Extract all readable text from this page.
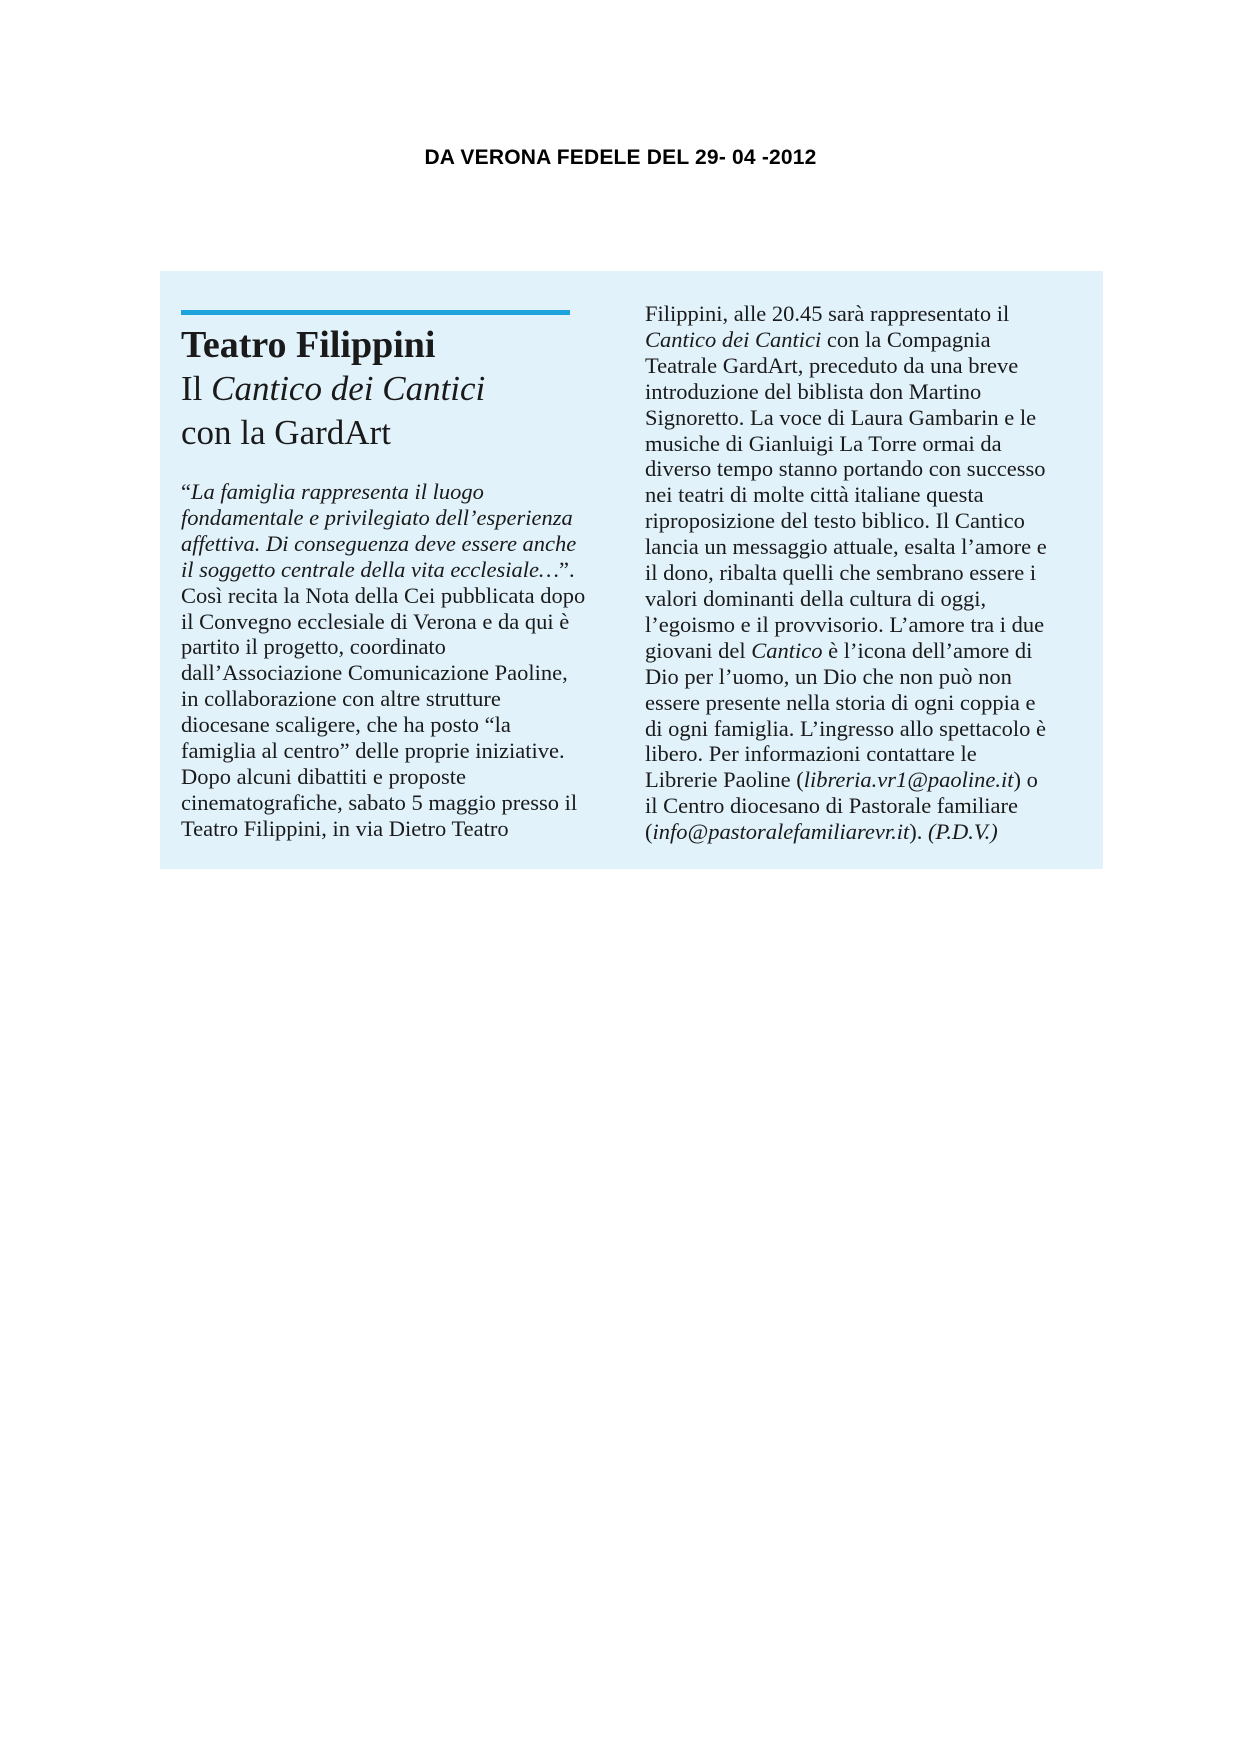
DA VERONA FEDELE DEL 29- 04 -2012
Teatro Filippini
Il Cantico dei Cantici
con la GardArt
“La famiglia rappresenta il luogo
fondamentale e privilegiato dell’esperienza
affettiva. Di conseguenza deve essere anche
il soggetto centrale della vita ecclesiale…”.
Così recita la Nota della Cei pubblicata dopo
il Convegno ecclesiale di Verona e da qui è
partito il progetto, coordinato
dall’Associazione Comunicazione Paoline,
in collaborazione con altre strutture
diocesane scaligere, che ha posto “la
famiglia al centro” delle proprie iniziative.
Dopo alcuni dibattiti e proposte
cinematografiche, sabato 5 maggio presso il
Teatro Filippini, in via Dietro Teatro
Filippini, alle 20.45 sarà rappresentato il
Cantico dei Cantici con la Compagnia
Teatrale GardArt, preceduto da una breve
introduzione del biblista don Martino
Signoretto. La voce di Laura Gambarin e le
musiche di Gianluigi La Torre ormai da
diverso tempo stanno portando con successo
nei teatri di molte città italiane questa
riproposizione del testo biblico. Il Cantico
lancia un messaggio attuale, esalta l’amore e
il dono, ribalta quelli che sembrano essere i
valori dominanti della cultura di oggi,
l’egoismo e il provvisorio. L’amore tra i due
giovani del Cantico è l’icona dell’amore di
Dio per l’uomo, un Dio che non può non
essere presente nella storia di ogni coppia e
di ogni famiglia. L’ingresso allo spettacolo è
libero. Per informazioni contattare le
Librerie Paoline (libreria.vr1@paoline.it) o
il Centro diocesano di Pastorale familiare
(info@pastoralefamiliarevr.it). (P.D.V.)
